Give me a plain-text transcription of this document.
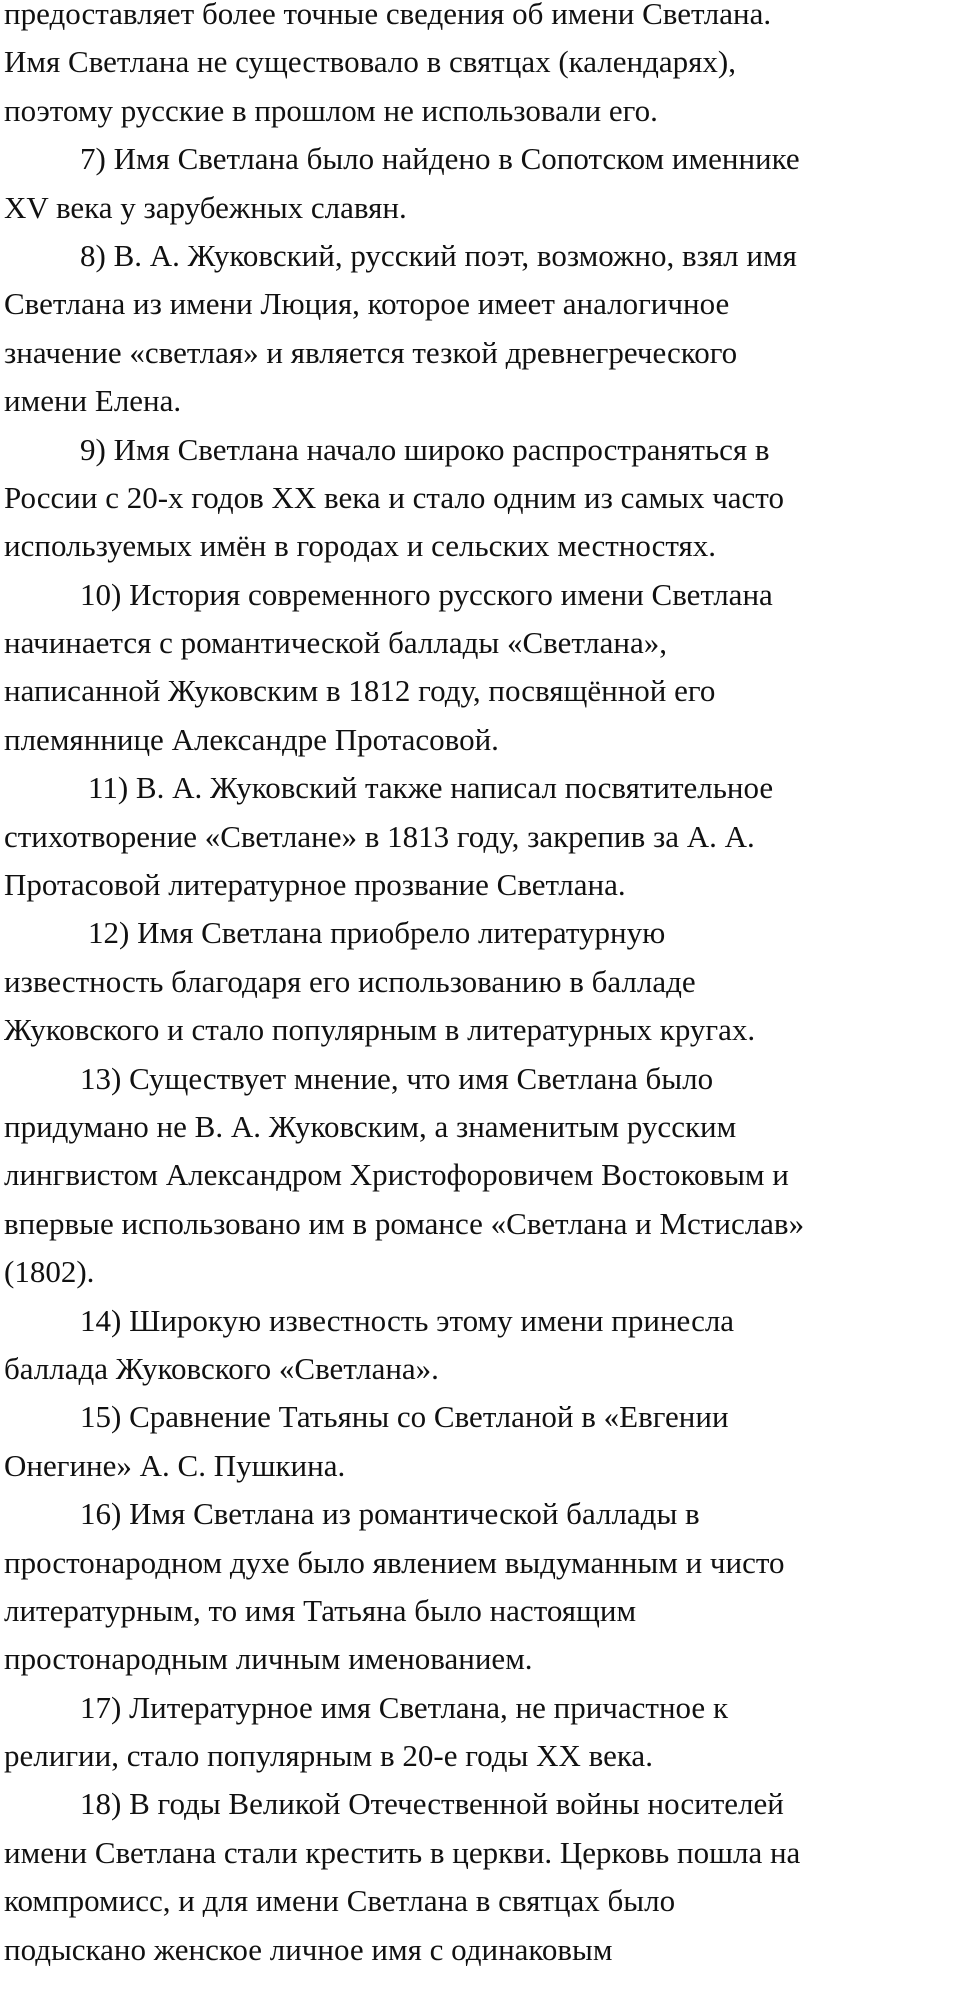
предоставляет более точные сведения об имени Светлана.
Имя Светлана не существовало в святцах (календарях),
поэтому русские в прошлом не использовали его.
7) Имя Светлана было найдено в Сопотском именнике
XV века у зарубежных славян.
8) В. А. Жуковский, русский поэт, возможно, взял имя
Светлана из имени Люция, которое имеет аналогичное
значение «светлая» и является тезкой древнегреческого
имени Елена.
9) Имя Светлана начало широко распространяться в
России с 20-х годов XX века и стало одним из самых часто
используемых имён в городах и сельских местностях.
10) История современного русского имени Светлана
начинается с романтической баллады «Светлана»,
написанной Жуковским в 1812 году, посвящённой его
племяннице Александре Протасовой.
11) В. А. Жуковский также написал посвятительное
стихотворение «Светлане» в 1813 году, закрепив за А. А.
Протасовой литературное прозвание Светлана.
12) Имя Светлана приобрело литературную
известность благодаря его использованию в балладе
Жуковского и стало популярным в литературных кругах.
13) Существует мнение, что имя Светлана было
придумано не В. А. Жуковским, а знаменитым русским
лингвистом Александром Христофоровичем Востоковым и
впервые использовано им в романсе «Светлана и Мстислав»
(1802).
14) Широкую известность этому имени принесла
баллада Жуковского «Светлана».
15) Сравнение Татьяны со Светланой в «Евгении
Онегине» А. С. Пушкина.
16) Имя Светлана из романтической баллады в
простонародном духе было явлением выдуманным и чисто
литературным, то имя Татьяна было настоящим
простонародным личным именованием.
17) Литературное имя Светлана, не причастное к
религии, стало популярным в 20-е годы XX века.
18) В годы Великой Отечественной войны носителей
имени Светлана стали крестить в церкви. Церковь пошла на
компромисс, и для имени Светлана в святцах было
подыскано женское личное имя с одинаковым
